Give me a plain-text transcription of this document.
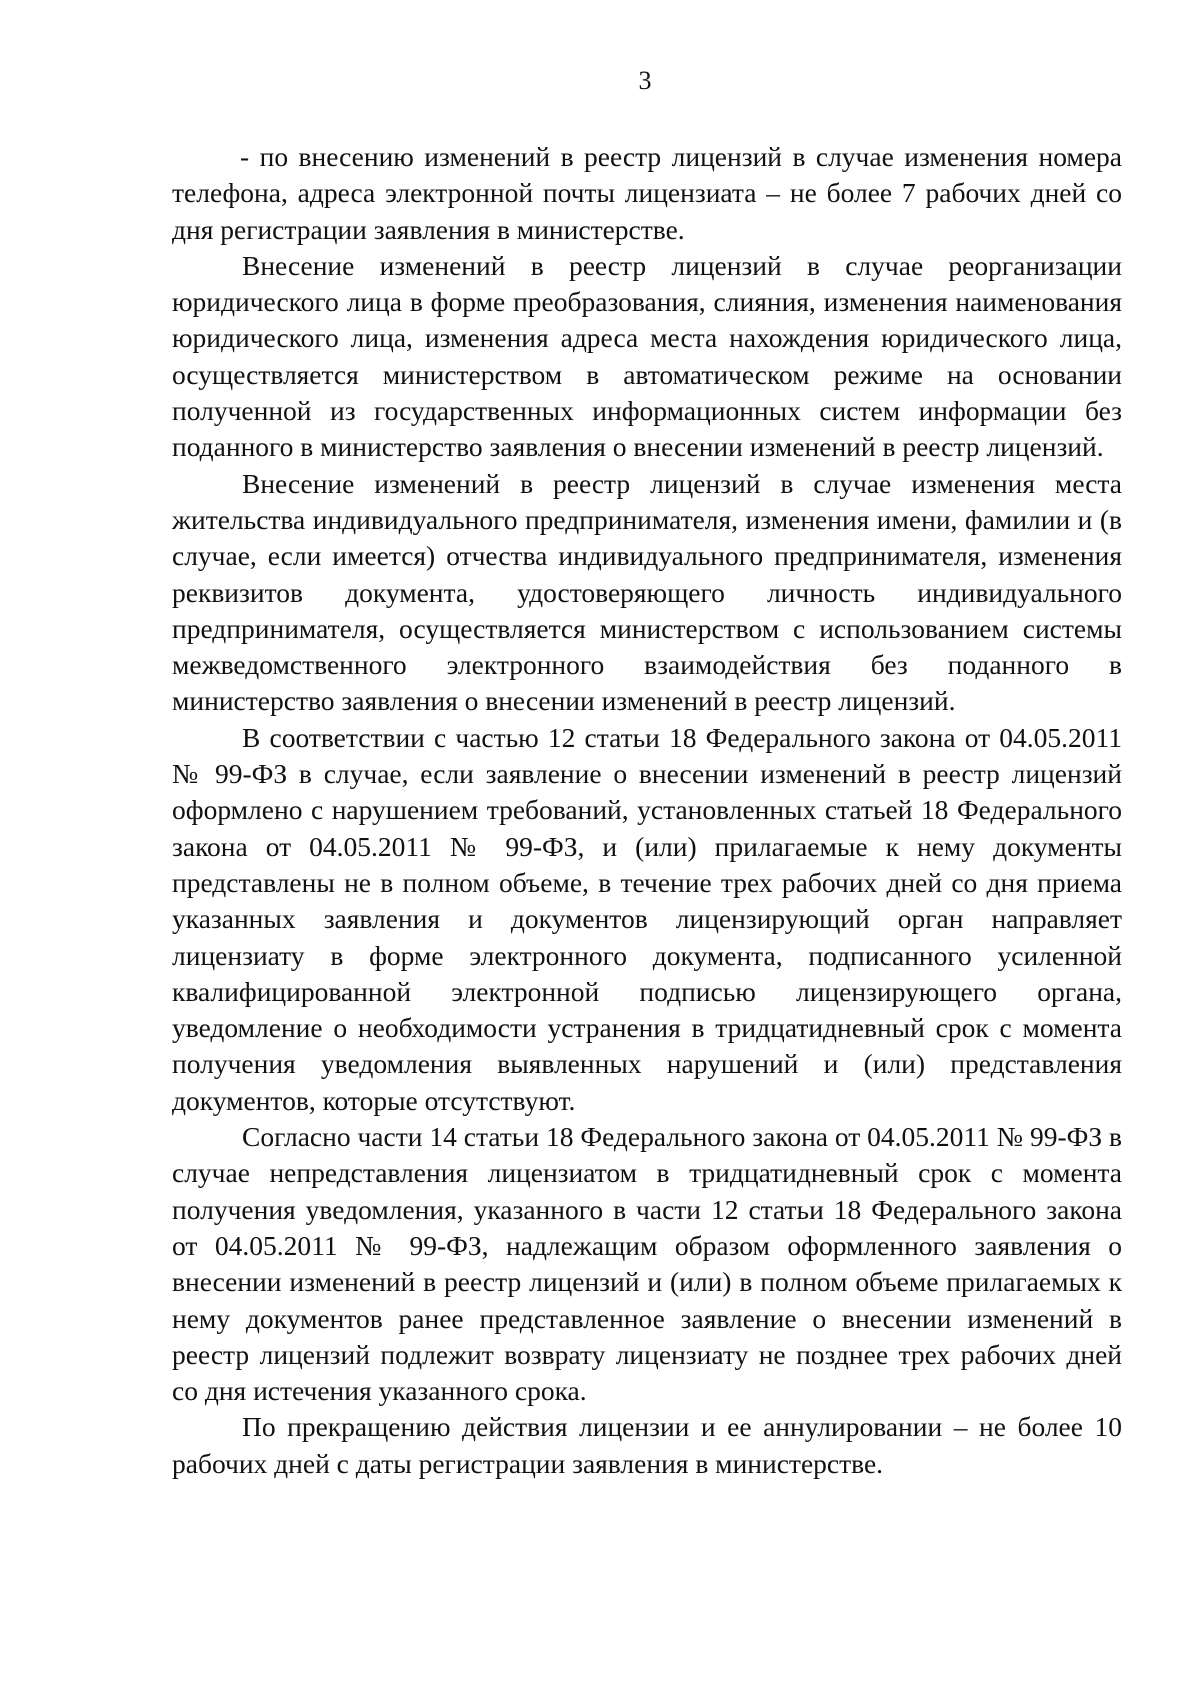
3

- по внесению изменений в реестр лицензий в случае изменения номера телефона, адреса электронной почты лицензиата – не более 7 рабочих дней со дня регистрации заявления в министерстве.

Внесение изменений в реестр лицензий в случае реорганизации юридического лица в форме преобразования, слияния, изменения наименования юридического лица, изменения адреса места нахождения юридического лица, осуществляется министерством в автоматическом режиме на основании полученной из государственных информационных систем информации без поданного в министерство заявления о внесении изменений в реестр лицензий.

Внесение изменений в реестр лицензий в случае изменения места жительства индивидуального предпринимателя, изменения имени, фамилии и (в случае, если имеется) отчества индивидуального предпринимателя, изменения реквизитов документа, удостоверяющего личность индивидуального предпринимателя, осуществляется министерством с использованием системы межведомственного электронного взаимодействия без поданного в министерство заявления о внесении изменений в реестр лицензий.

В соответствии с частью 12 статьи 18 Федерального закона от 04.05.2011 № 99-ФЗ в случае, если заявление о внесении изменений в реестр лицензий оформлено с нарушением требований, установленных статьей 18 Федерального закона от 04.05.2011 № 99-ФЗ, и (или) прилагаемые к нему документы представлены не в полном объеме, в течение трех рабочих дней со дня приема указанных заявления и документов лицензирующий орган направляет лицензиату в форме электронного документа, подписанного усиленной квалифицированной электронной подписью лицензирующего органа, уведомление о необходимости устранения в тридцатидневный срок с момента получения уведомления выявленных нарушений и (или) представления документов, которые отсутствуют.

Согласно части 14 статьи 18 Федерального закона от 04.05.2011 № 99-ФЗ в случае непредставления лицензиатом в тридцатидневный срок с момента получения уведомления, указанного в части 12 статьи 18 Федерального закона от 04.05.2011 № 99-ФЗ, надлежащим образом оформленного заявления о внесении изменений в реестр лицензий и (или) в полном объеме прилагаемых к нему документов ранее представленное заявление о внесении изменений в реестр лицензий подлежит возврату лицензиату не позднее трех рабочих дней со дня истечения указанного срока.

По прекращению действия лицензии и ее аннулировании – не более 10 рабочих дней с даты регистрации заявления в министерстве.
